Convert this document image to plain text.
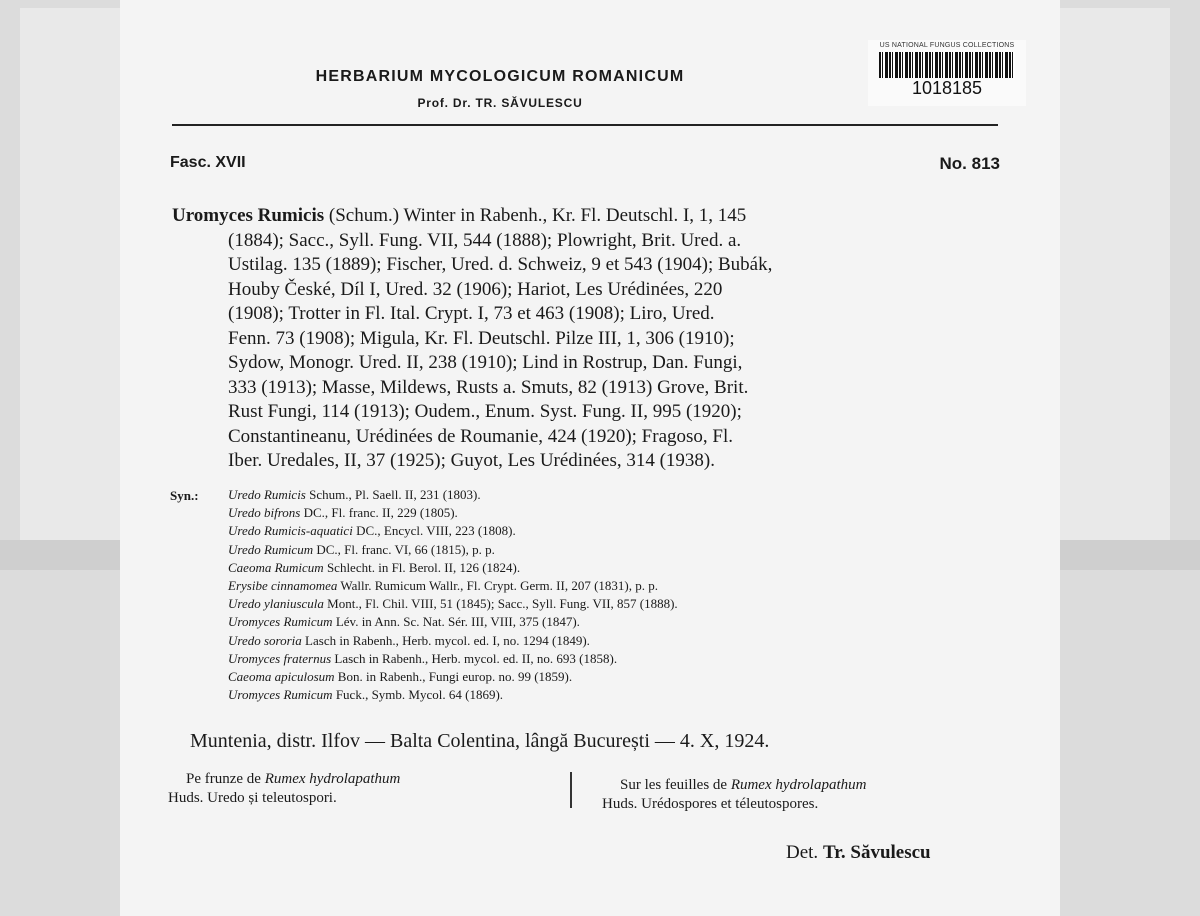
US NATIONAL FUNGUS COLLECTIONS
1018185
HERBARIUM MYCOLOGICUM ROMANICUM
Prof. Dr. TR. SĂVULESCU
Fasc. XVII	No. 813
Uromyces Rumicis (Schum.) Winter in Rabenh., Kr. Fl. Deutschl. I, 1, 145
(1884); Sacc., Syll. Fung. VII, 544 (1888); Plowright, Brit. Ured. a.
Ustilag. 135 (1889); Fischer, Ured. d. Schweiz, 9 et 543 (1904); Bubák,
Houby České, Díl I, Ured. 32 (1906); Hariot, Les Urédinées, 220
(1908); Trotter in Fl. Ital. Crypt. I, 73 et 463 (1908); Liro, Ured.
Fenn. 73 (1908); Migula, Kr. Fl. Deutschl. Pilze III, 1, 306 (1910);
Sydow, Monogr. Ured. II, 238 (1910); Lind in Rostrup, Dan. Fungi,
333 (1913); Masse, Mildews, Rusts a. Smuts, 82 (1913) Grove, Brit.
Rust Fungi, 114 (1913); Oudem., Enum. Syst. Fung. II, 995 (1920);
Constantineanu, Urédinées de Roumanie, 424 (1920); Fragoso, Fl.
Iber. Uredales, II, 37 (1925); Guyot, Les Urédinées, 314 (1938).
Syn.: Uredo Rumicis Schum., Pl. Saell. II, 231 (1803).
Uredo bifrons DC., Fl. franc. II, 229 (1805).
Uredo Rumicis-aquatici DC., Encycl. VIII, 223 (1808).
Uredo Rumicum DC., Fl. franc. VI, 66 (1815), p. p.
Caeoma Rumicum Schlecht. in Fl. Berol. II, 126 (1824).
Erysibe cinnamomea Wallr. Rumicum Wallr., Fl. Crypt. Germ. II, 207 (1831), p. p.
Uredo ylaniuscula Mont., Fl. Chil. VIII, 51 (1845); Sacc., Syll. Fung. VII, 857 (1888).
Uromyces Rumicum Lév. in Ann. Sc. Nat. Sér. III, VIII, 375 (1847).
Uredo sororia Lasch in Rabenh., Herb. mycol. ed. I, no. 1294 (1849).
Uromyces fraternus Lasch in Rabenh., Herb. mycol. ed. II, no. 693 (1858).
Caeoma apiculosum Bon. in Rabenh., Fungi europ. no. 99 (1859).
Uromyces Rumicum Fuck., Symb. Mycol. 64 (1869).
Muntenia, distr. Ilfov — Balta Colentina, lângă București — 4. X, 1924.
Pe frunze de Rumex hydrolapathum
Huds. Uredo și teleutospori.
Sur les feuilles de Rumex hydrolapathum
Huds. Urédospores et téleutospores.
Det. Tr. Săvulescu
